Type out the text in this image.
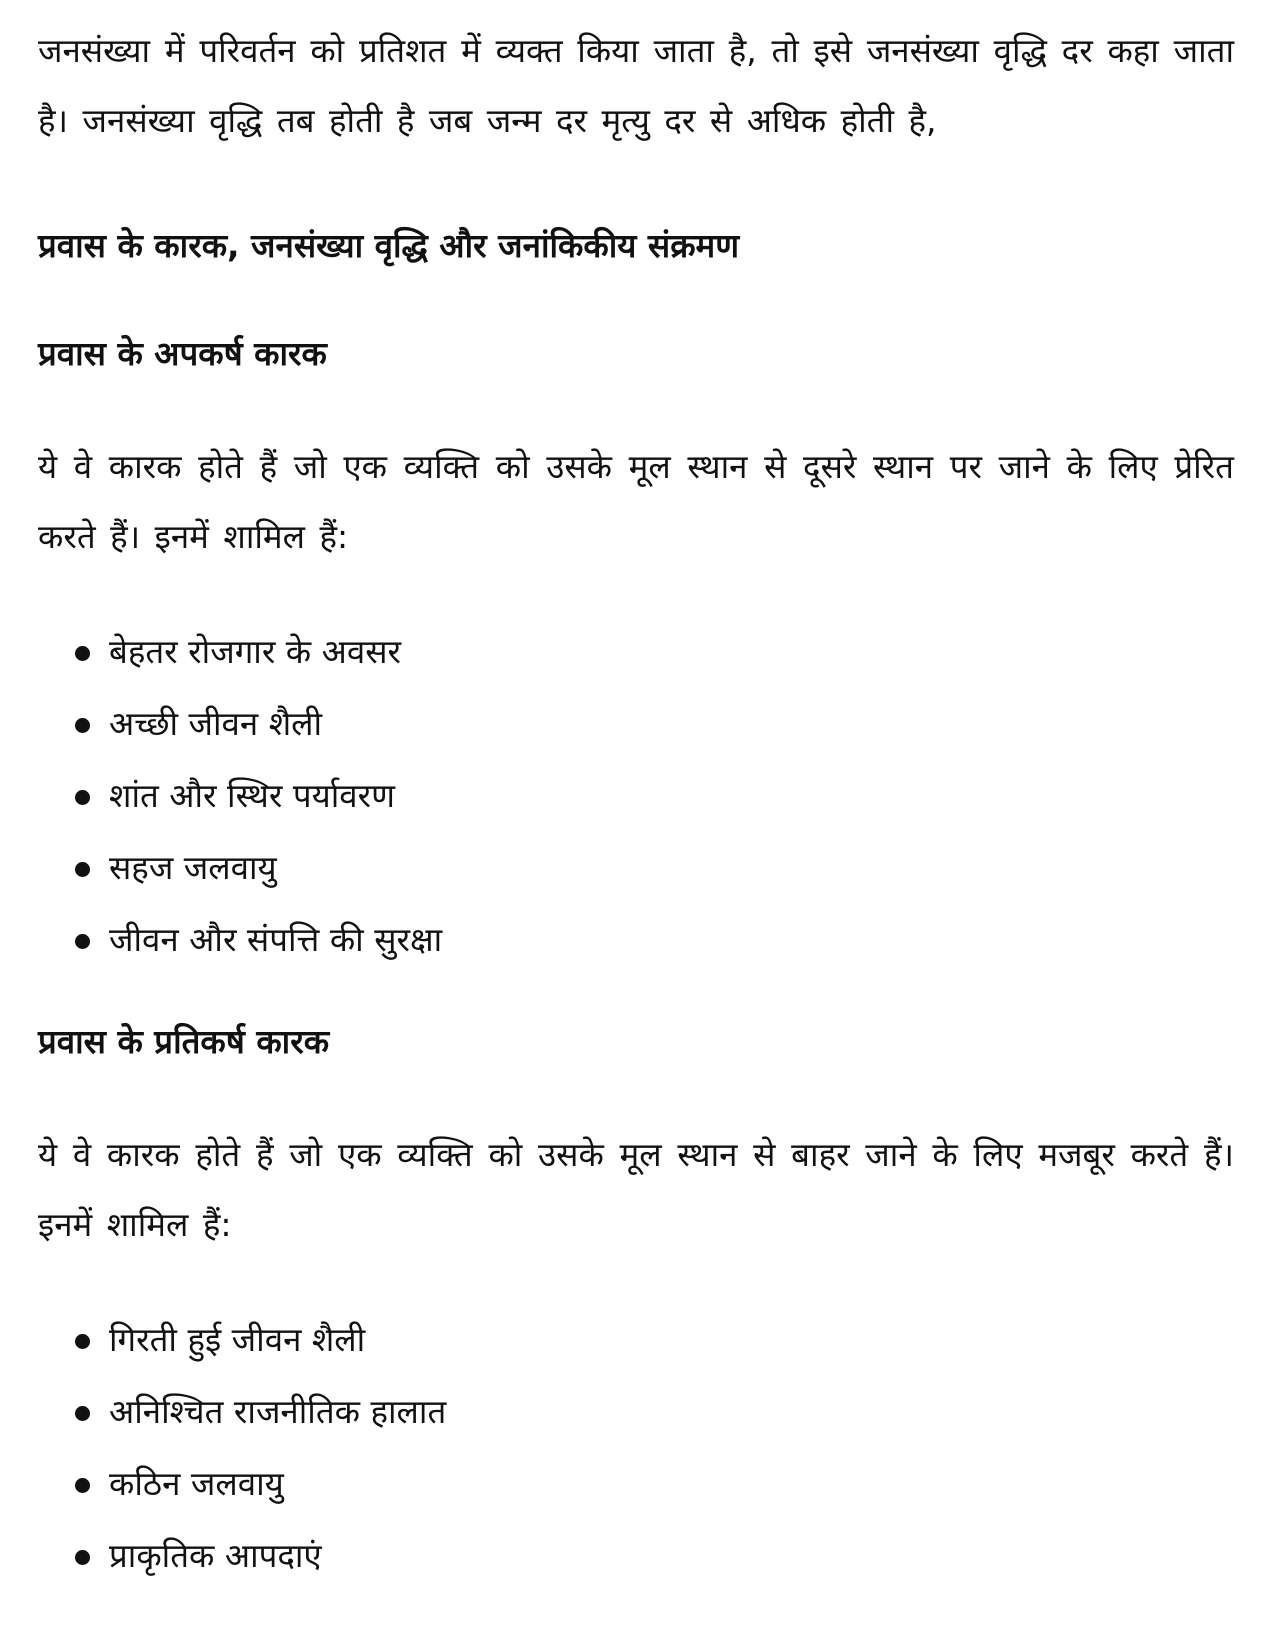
जनसंख्या में परिवर्तन को प्रतिशत में व्यक्त किया जाता है, तो इसे जनसंख्या वृद्धि दर कहा जाता है। जनसंख्या वृद्धि तब होती है जब जन्म दर मृत्यु दर से अधिक होती है,

प्रवास के कारक, जनसंख्या वृद्धि और जनांकिकीय संक्रमण
प्रवास के अपकर्ष कारक

ये वे कारक होते हैं जो एक व्यक्ति को उसके मूल स्थान से दूसरे स्थान पर जाने के लिए प्रेरित करते हैं। इनमें शामिल हैं:

बेहतर रोजगार के अवसर
अच्छी जीवन शैली
शांत और स्थिर पर्यावरण
सहज जलवायु
जीवन और संपत्ति की सुरक्षा
प्रवास के प्रतिकर्ष कारक

ये वे कारक होते हैं जो एक व्यक्ति को उसके मूल स्थान से बाहर जाने के लिए मजबूर करते हैं। इनमें शामिल हैं:

गिरती हुई जीवन शैली
अनिश्चित राजनीतिक हालात
कठिन जलवायु
प्राकृतिक आपदाएं
